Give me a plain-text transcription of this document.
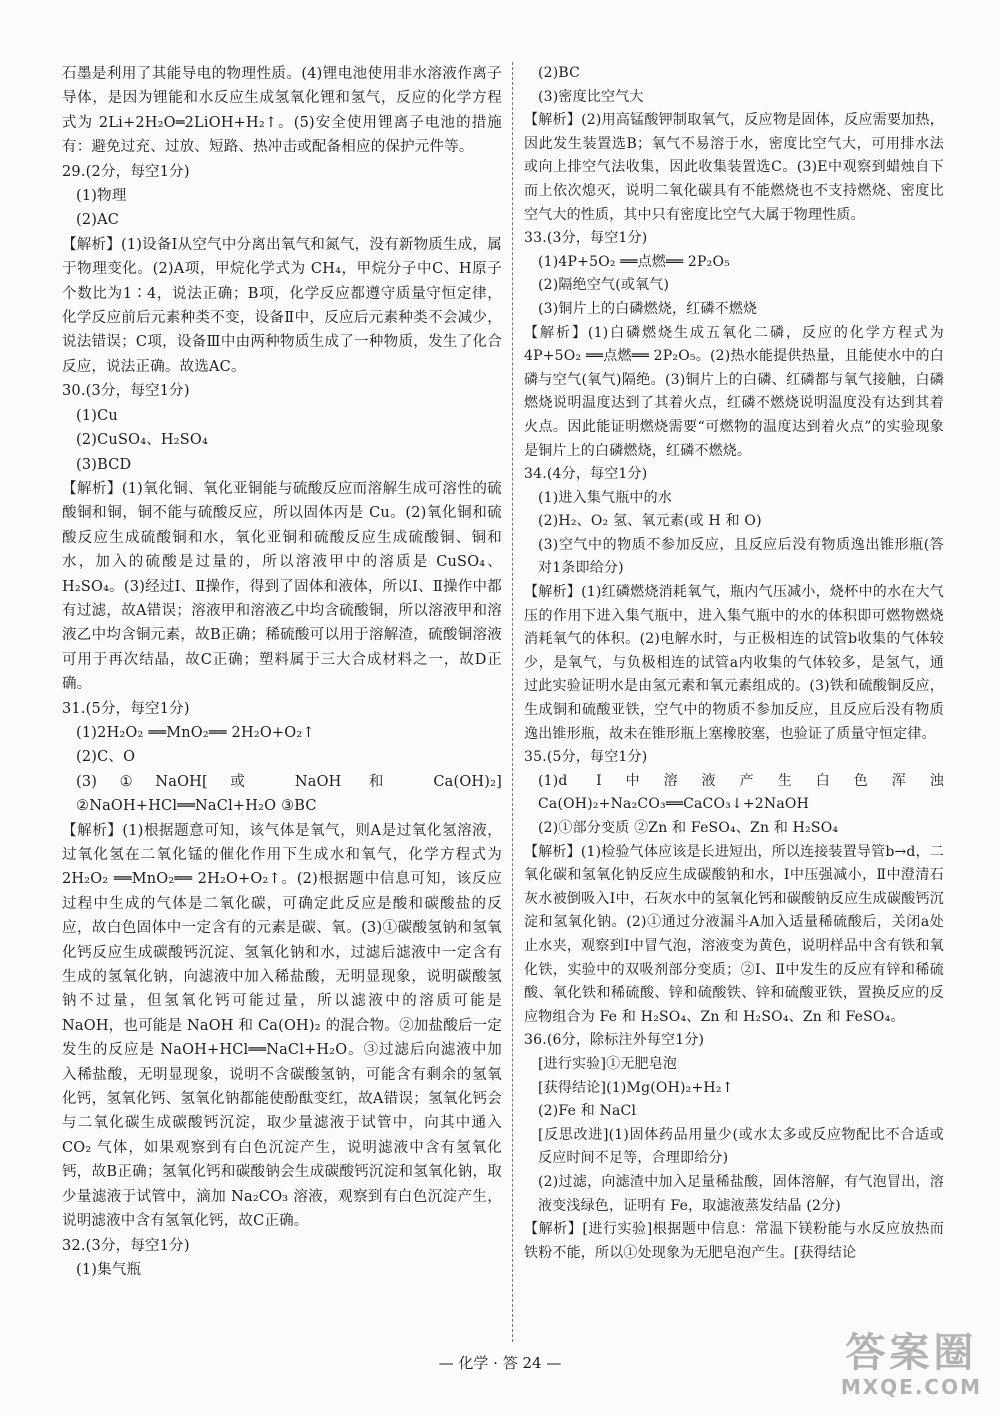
石墨是利用了其能导电的物理性质。(4)锂电池使用非水溶液作离子导体，是因为锂能和水反应生成氢氧化锂和氢气，反应的化学方程式为 2Li+2H₂O═2LiOH+H₂↑。(5)安全使用锂离子电池的措施有：避免过充、过放、短路、热冲击或配备相应的保护元件等。

29.(2分，每空1分)

(1)物理

(2)AC

【解析】(1)设备Ⅰ从空气中分离出氧气和氮气，没有新物质生成，属于物理变化。(2)A项，甲烷化学式为 CH₄，甲烷分子中C、H原子个数比为1∶4，说法正确；B项，化学反应都遵守质量守恒定律，化学反应前后元素种类不变，设备Ⅱ中，反应后元素种类不会减少，说法错误；C项，设备Ⅲ中由两种物质生成了一种物质，发生了化合反应，说法正确。故选AC。

30.(3分，每空1分)

(1)Cu

(2)CuSO₄、H₂SO₄

(3)BCD

【解析】(1)氧化铜、氧化亚铜能与硫酸反应而溶解生成可溶性的硫酸铜和铜，铜不能与硫酸反应，所以固体丙是 Cu。(2)氧化铜和硫酸反应生成硫酸铜和水，氧化亚铜和硫酸反应生成硫酸铜、铜和水，加入的硫酸是过量的，所以溶液甲中的溶质是 CuSO₄、H₂SO₄。(3)经过Ⅰ、Ⅱ操作，得到了固体和液体，所以Ⅰ、Ⅱ操作中都有过滤，故A错误；溶液甲和溶液乙中均含硫酸铜，所以溶液甲和溶液乙中均含铜元素，故B正确；稀硫酸可以用于溶解渣，硫酸铜溶液可用于再次结晶，故C正确；塑料属于三大合成材料之一，故D正确。

31.(5分，每空1分)

(1)2H₂O₂ ══MnO₂══ 2H₂O+O₂↑

(2)C、O

(3)①NaOH[或 NaOH 和 Ca(OH)₂] ②NaOH+HCl══NaCl+H₂O ③BC

【解析】(1)根据题意可知，该气体是氧气，则A是过氧化氢溶液，过氧化氢在二氧化锰的催化作用下生成水和氧气，化学方程式为 2H₂O₂ ══MnO₂══ 2H₂O+O₂↑。(2)根据题中信息可知，该反应过程中生成的气体是二氧化碳，可确定此反应是酸和碳酸盐的反应，故白色固体中一定含有的元素是碳、氧。(3)①碳酸氢钠和氢氧化钙反应生成碳酸钙沉淀、氢氧化钠和水，过滤后滤液中一定含有生成的氢氧化钠，向滤液中加入稀盐酸，无明显现象，说明碳酸氢钠不过量，但氢氧化钙可能过量，所以滤液中的溶质可能是 NaOH，也可能是 NaOH 和 Ca(OH)₂ 的混合物。②加盐酸后一定发生的反应是 NaOH+HCl══NaCl+H₂O。③过滤后向滤液中加入稀盐酸，无明显现象，说明不含碳酸氢钠，可能含有剩余的氢氧化钙，氢氧化钙、氢氧化钠都能使酚酞变红，故A错误；氢氧化钙会与二氧化碳生成碳酸钙沉淀，取少量滤液于试管中，向其中通入 CO₂ 气体，如果观察到有白色沉淀产生，说明滤液中含有氢氧化钙，故B正确；氢氧化钙和碳酸钠会生成碳酸钙沉淀和氢氧化钠，取少量滤液于试管中，滴加 Na₂CO₃ 溶液，观察到有白色沉淀产生，说明滤液中含有氢氧化钙，故C正确。

32.(3分，每空1分)

(1)集气瓶

(2)BC

(3)密度比空气大

【解析】(2)用高锰酸钾制取氧气，反应物是固体，反应需要加热，因此发生装置选B；氧气不易溶于水，密度比空气大，可用排水法或向上排空气法收集，因此收集装置选C。(3)E中观察到蜡烛自下而上依次熄灭，说明二氧化碳具有不能燃烧也不支持燃烧、密度比空气大的性质，其中只有密度比空气大属于物理性质。

33.(3分，每空1分)

(1)4P+5O₂ ══点燃══ 2P₂O₅

(2)隔绝空气(或氧气)

(3)铜片上的白磷燃烧，红磷不燃烧

【解析】(1)白磷燃烧生成五氧化二磷，反应的化学方程式为 4P+5O₂ ══点燃══ 2P₂O₅。(2)热水能提供热量，且能使水中的白磷与空气(氧气)隔绝。(3)铜片上的白磷、红磷都与氧气接触，白磷燃烧说明温度达到了其着火点，红磷不燃烧说明温度没有达到其着火点。因此能证明燃烧需要“可燃物的温度达到着火点”的实验现象是铜片上的白磷燃烧，红磷不燃烧。

34.(4分，每空1分)

(1)进入集气瓶中的水

(2)H₂、O₂ 氢、氧元素(或 H 和 O)

(3)空气中的物质不参加反应，且反应后没有物质逸出锥形瓶(答对1条即给分)

【解析】(1)红磷燃烧消耗氧气，瓶内气压减小，烧杯中的水在大气压的作用下进入集气瓶中，进入集气瓶中的水的体积即可燃物燃烧消耗氧气的体积。(2)电解水时，与正极相连的试管b收集的气体较少，是氧气，与负极相连的试管a内收集的气体较多，是氢气，通过此实验证明水是由氢元素和氧元素组成的。(3)铁和硫酸铜反应，生成铜和硫酸亚铁，空气中的物质不参加反应，且反应后没有物质逸出锥形瓶，故未在锥形瓶上塞橡胶塞，也验证了质量守恒定律。

35.(5分，每空1分)

(1)d Ⅰ中溶液产生白色浑浊 Ca(OH)₂+Na₂CO₃══CaCO₃↓+2NaOH

(2)①部分变质 ②Zn 和 FeSO₄、Zn 和 H₂SO₄

【解析】(1)检验气体应该是长进短出，所以连接装置导管b→d，二氧化碳和氢氧化钠反应生成碳酸钠和水，Ⅰ中压强减小，Ⅱ中澄清石灰水被倒吸入Ⅰ中，石灰水中的氢氧化钙和碳酸钠反应生成碳酸钙沉淀和氢氧化钠。(2)①通过分液漏斗A加入适量稀硫酸后，关闭a处止水夹，观察到Ⅰ中冒气泡，溶液变为黄色，说明样品中含有铁和氧化铁，实验中的双吸剂部分变质；②Ⅰ、Ⅱ中发生的反应有锌和稀硫酸、氧化铁和稀硫酸、锌和硫酸铁、锌和硫酸亚铁，置换反应的反应物组合为 Fe 和 H₂SO₄、Zn 和 H₂SO₄、Zn 和 FeSO₄。

36.(6分，除标注外每空1分)

[进行实验]①无肥皂泡

[获得结论](1)Mg(OH)₂+H₂↑

(2)Fe 和 NaCl

[反思改进](1)固体药品用量少(或水太多或反应物配比不合适或反应时间不足等，合理即给分)

(2)过滤，向滤渣中加入足量稀盐酸，固体溶解，有气泡冒出，溶液变浅绿色，证明有 Fe，取滤液蒸发结晶 (2分)

【解析】[进行实验]根据题中信息：常温下镁粉能与水反应放热而铁粉不能，所以①处现象为无肥皂泡产生。[获得结论

— 化学 · 答 24 —	答案圈
MXQE.COM
